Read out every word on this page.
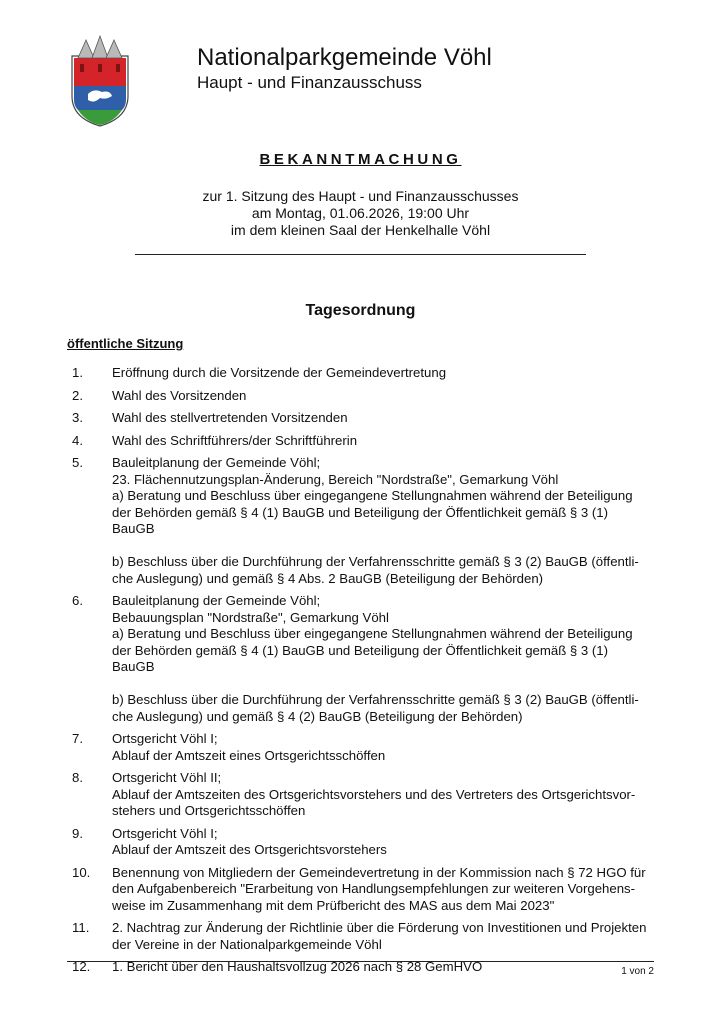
Nationalparkgemeinde Vöhl
Haupt - und Finanzausschuss
BEKANNTMACHUNG
zur 1. Sitzung des Haupt - und Finanzausschusses
am Montag, 01.06.2026, 19:00 Uhr
im dem kleinen Saal der Henkelhalle Vöhl
Tagesordnung
öffentliche Sitzung
1.	Eröffnung durch die Vorsitzende der Gemeindevertretung
2.	Wahl des Vorsitzenden
3.	Wahl des stellvertretenden Vorsitzenden
4.	Wahl des Schriftführers/der Schriftführerin
5.	Bauleitplanung der Gemeinde Vöhl;
23. Flächennutzungsplan-Änderung, Bereich "Nordstraße", Gemarkung Vöhl
a) Beratung und Beschluss über eingegangene Stellungnahmen während der Beteiligung
der Behörden gemäß § 4 (1) BauGB und Beteiligung der Öffentlichkeit gemäß § 3 (1)
BauGB
b) Beschluss über die Durchführung der Verfahrensschritte gemäß § 3 (2) BauGB (öffentli-
che Auslegung) und gemäß § 4 Abs. 2 BauGB (Beteiligung der Behörden)
6.	Bauleitplanung der Gemeinde Vöhl;
Bebauungsplan "Nordstraße", Gemarkung Vöhl
a) Beratung und Beschluss über eingegangene Stellungnahmen während der Beteiligung
der Behörden gemäß § 4 (1) BauGB und Beteiligung der Öffentlichkeit gemäß § 3 (1)
BauGB
b) Beschluss über die Durchführung der Verfahrensschritte gemäß § 3 (2) BauGB (öffentli-
che Auslegung) und gemäß § 4 (2) BauGB (Beteiligung der Behörden)
7.	Ortsgericht Vöhl I;
Ablauf der Amtszeit eines Ortsgerichtsschöffen
8.	Ortsgericht Vöhl II;
Ablauf der Amtszeiten des Ortsgerichtsvorstehers und des Vertreters des Ortsgerichtsvor-
stehers und Ortsgerichtsschöffen
9.	Ortsgericht Vöhl I;
Ablauf der Amtszeit des Ortsgerichtsvorstehers
10.	Benennung von Mitgliedern der Gemeindevertretung in der Kommission nach § 72 HGO für
den Aufgabenbereich "Erarbeitung von Handlungsempfehlungen zur weiteren Vorgehens-
weise im Zusammenhang mit dem Prüfbericht des MAS aus dem Mai 2023"
11.	2. Nachtrag zur Änderung der Richtlinie über die Förderung von Investitionen und Projekten
der Vereine in der Nationalparkgemeinde Vöhl
12.	1. Bericht über den Haushaltsvollzug 2026 nach § 28 GemHVO	1 von 2
